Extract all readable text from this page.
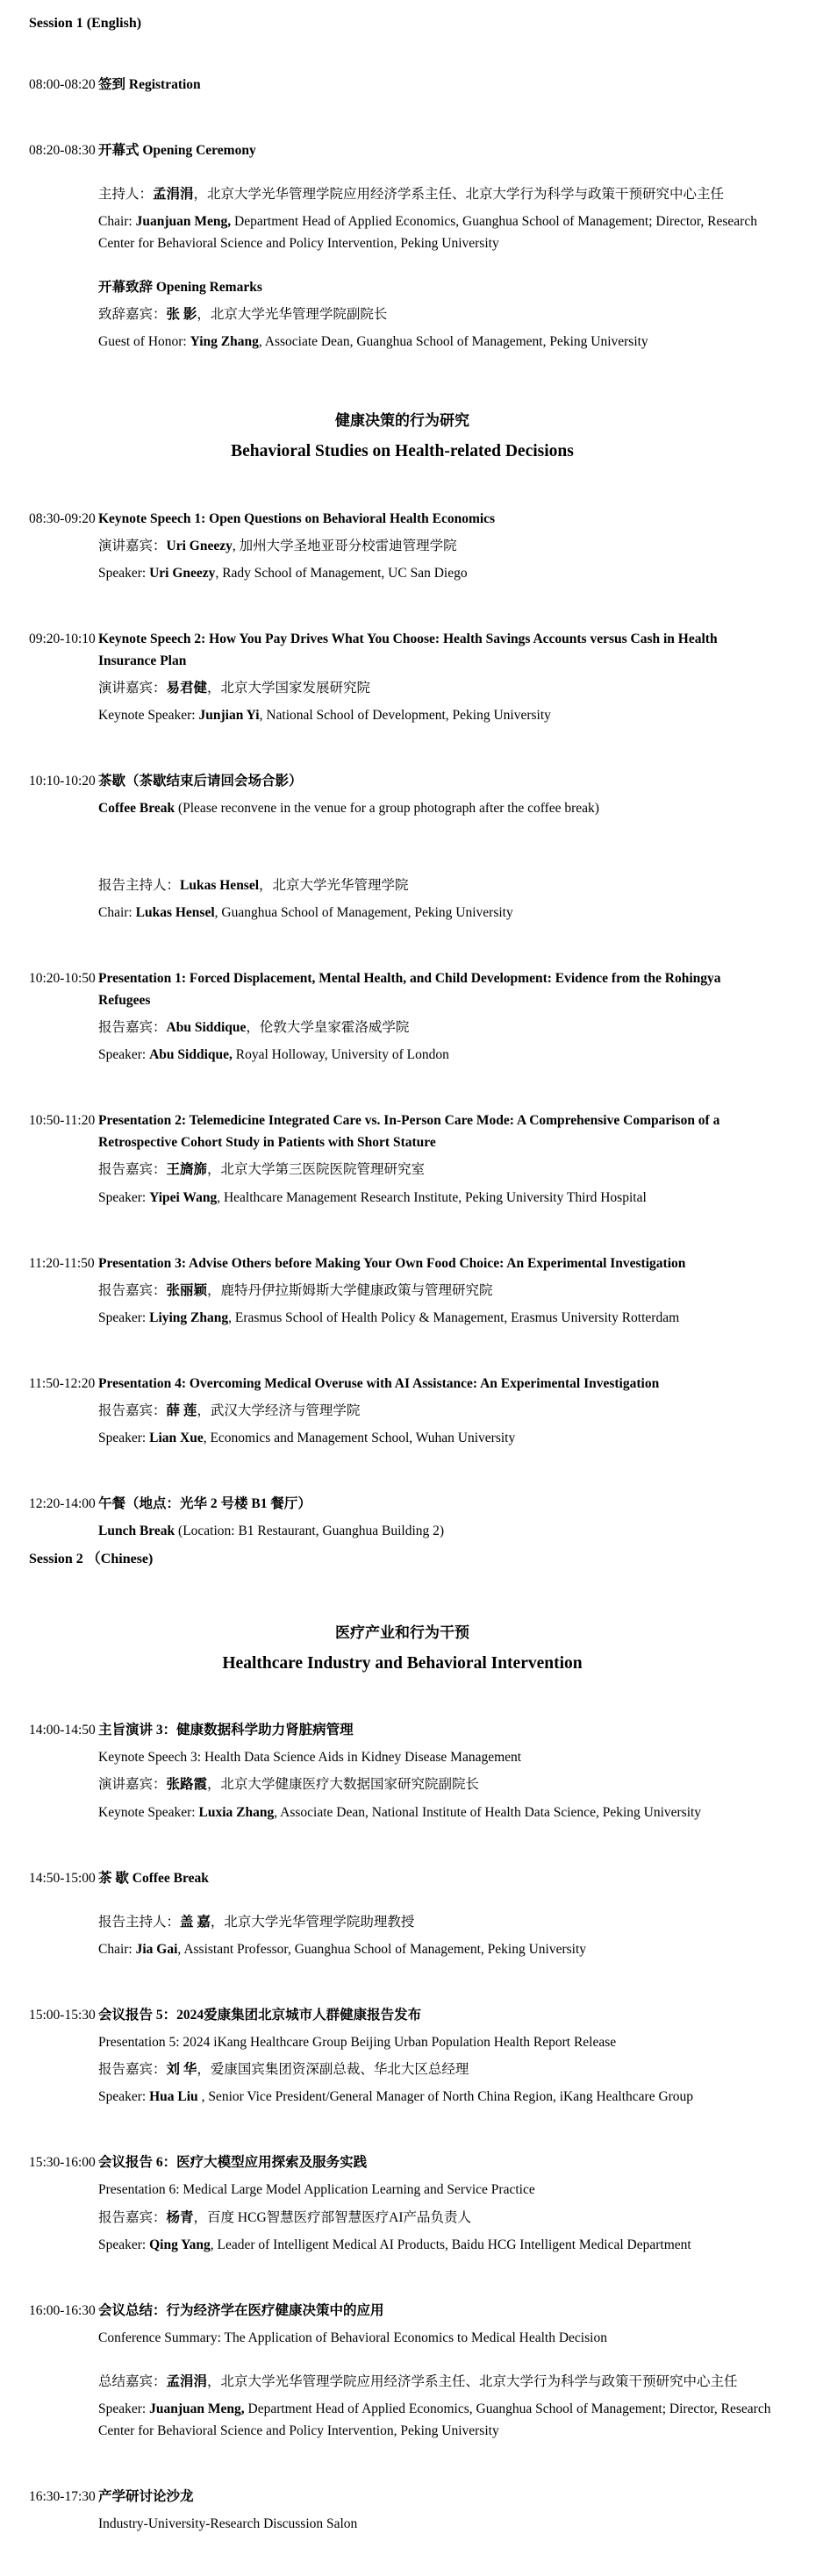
Session 1 (English)
08:00-08:20 签到 Registration

08:20-08:30 开幕式 Opening Ceremony

主持人：孟涓涓，北京大学光华管理学院应用经济学系主任、北京大学行为科学与政策干预研究中心主任

Chair: Juanjuan Meng, Department Head of Applied Economics, Guanghua School of Management; Director, Research Center for Behavioral Science and Policy Intervention, Peking University

开幕致辞 Opening Remarks

致辞嘉宾：张 影，北京大学光华管理学院副院长

Guest of Honor: Ying Zhang, Associate Dean, Guanghua School of Management, Peking University

健康决策的行为研究
Behavioral Studies on Health-related Decisions
08:30-09:20 Keynote Speech 1: Open Questions on Behavioral Health Economics

演讲嘉宾：Uri Gneezy, 加州大学圣地亚哥分校雷迪管理学院

Speaker: Uri Gneezy, Rady School of Management, UC San Diego

09:20-10:10 Keynote Speech 2: How You Pay Drives What You Choose: Health Savings Accounts versus Cash in Health Insurance Plan

演讲嘉宾：易君健，北京大学国家发展研究院

Keynote Speaker: Junjian Yi, National School of Development, Peking University

10:10-10:20 茶歇（茶歇结束后请回会场合影）

Coffee Break (Please reconvene in the venue for a group photograph after the coffee break)

报告主持人：Lukas Hensel，北京大学光华管理学院

Chair: Lukas Hensel, Guanghua School of Management, Peking University

10:20-10:50 Presentation 1: Forced Displacement, Mental Health, and Child Development: Evidence from the Rohingya Refugees

报告嘉宾：Abu Siddique，伦敦大学皇家霍洛威学院

Speaker: Abu Siddique, Royal Holloway, University of London

10:50-11:20 Presentation 2: Telemedicine Integrated Care vs. In-Person Care Mode: A Comprehensive Comparison of a Retrospective Cohort Study in Patients with Short Stature

报告嘉宾：王旖旆，北京大学第三医院医院管理研究室

Speaker: Yipei Wang, Healthcare Management Research Institute, Peking University Third Hospital

11:20-11:50 Presentation 3: Advise Others before Making Your Own Food Choice: An Experimental Investigation

报告嘉宾：张丽颖，鹿特丹伊拉斯姆斯大学健康政策与管理研究院

Speaker: Liying Zhang, Erasmus School of Health Policy & Management, Erasmus University Rotterdam

11:50-12:20 Presentation 4: Overcoming Medical Overuse with AI Assistance: An Experimental Investigation

报告嘉宾：薛 莲，武汉大学经济与管理学院

Speaker: Lian Xue, Economics and Management School, Wuhan University

12:20-14:00 午餐（地点：光华 2 号楼 B1 餐厅）

Lunch Break (Location: B1 Restaurant, Guanghua Building 2)

Session 2 （Chinese)
医疗产业和行为干预
Healthcare Industry and Behavioral Intervention
14:00-14:50 主旨演讲 3：健康数据科学助力肾脏病管理

Keynote Speech 3: Health Data Science Aids in Kidney Disease Management

演讲嘉宾：张路霞，北京大学健康医疗大数据国家研究院副院长

Keynote Speaker: Luxia Zhang, Associate Dean, National Institute of Health Data Science, Peking University

14:50-15:00 茶 歇 Coffee Break

报告主持人：盖 嘉，北京大学光华管理学院助理教授

Chair: Jia Gai, Assistant Professor, Guanghua School of Management, Peking University

15:00-15:30 会议报告 5：2024爱康集团北京城市人群健康报告发布

Presentation 5: 2024 iKang Healthcare Group Beijing Urban Population Health Report Release

报告嘉宾：刘 华，爱康国宾集团资深副总裁、华北大区总经理

Speaker: Hua Liu , Senior Vice President/General Manager of North China Region, iKang Healthcare Group

15:30-16:00 会议报告 6：医疗大模型应用探索及服务实践

Presentation 6: Medical Large Model Application Learning and Service Practice

报告嘉宾：杨青，百度 HCG智慧医疗部智慧医疗AI产品负责人

Speaker: Qing Yang, Leader of Intelligent Medical AI Products, Baidu HCG Intelligent Medical Department

16:00-16:30 会议总结：行为经济学在医疗健康决策中的应用

Conference Summary: The Application of Behavioral Economics to Medical Health Decision

总结嘉宾：孟涓涓，北京大学光华管理学院应用经济学系主任、北京大学行为科学与政策干预研究中心主任

Speaker: Juanjuan Meng, Department Head of Applied Economics, Guanghua School of Management; Director, Research Center for Behavioral Science and Policy Intervention, Peking University

16:30-17:30 产学研讨论沙龙

Industry-University-Research Discussion Salon
